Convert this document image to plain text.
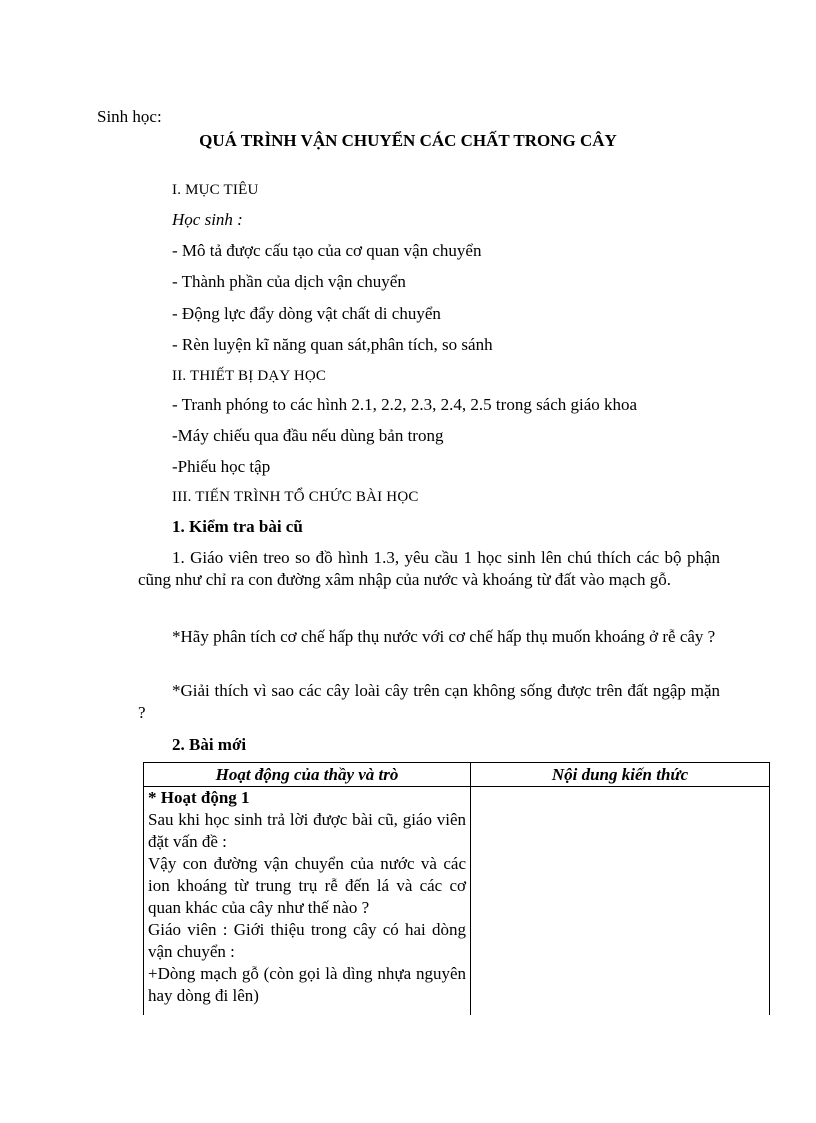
Sinh học:
QUÁ TRÌNH VẬN CHUYỂN CÁC CHẤT TRONG CÂY
I. MỤC TIÊU
Học sinh :
- Mô tả được cấu tạo của cơ quan vận chuyển
- Thành phần của dịch vận chuyển
- Động lực đẩy dòng vật chất di chuyển
- Rèn luyện kĩ năng quan sát,phân tích, so sánh
II. THIẾT BỊ DẠY HỌC
- Tranh phóng to các hình 2.1, 2.2, 2.3, 2.4, 2.5 trong sách giáo khoa
-Máy chiếu qua đầu nếu dùng bản trong
-Phiếu học tập
III. TIẾN TRÌNH TỔ CHỨC BÀI HỌC
1. Kiểm tra bài cũ
1. Giáo viên treo so đồ hình 1.3, yêu cầu 1 học sinh lên chú thích các bộ phận cũng như chỉ ra con đường xâm nhập của nước và khoáng từ đất vào mạch gỗ.
*Hãy phân tích cơ chế hấp thụ nước với cơ chế hấp thụ muốn khoáng ở rễ cây ?
*Giải thích vì sao các cây loài cây trên cạn không sống được trên đất ngập mặn ?
2. Bài mới
Hoạt động của thầy và trò	Nội dung kiến thức

* Hoạt động 1
Sau khi học sinh trả lời được bài cũ, giáo viên đặt vấn đề :
Vậy con đường vận chuyển của nước và các ion khoáng từ trung trụ rễ đến lá và các cơ quan khác của cây như thế nào ?
Giáo viên : Giới thiệu trong cây có hai dòng vận chuyển :
+Dòng mạch gỗ (còn gọi là dìng nhựa nguyên hay dòng đi lên)	
